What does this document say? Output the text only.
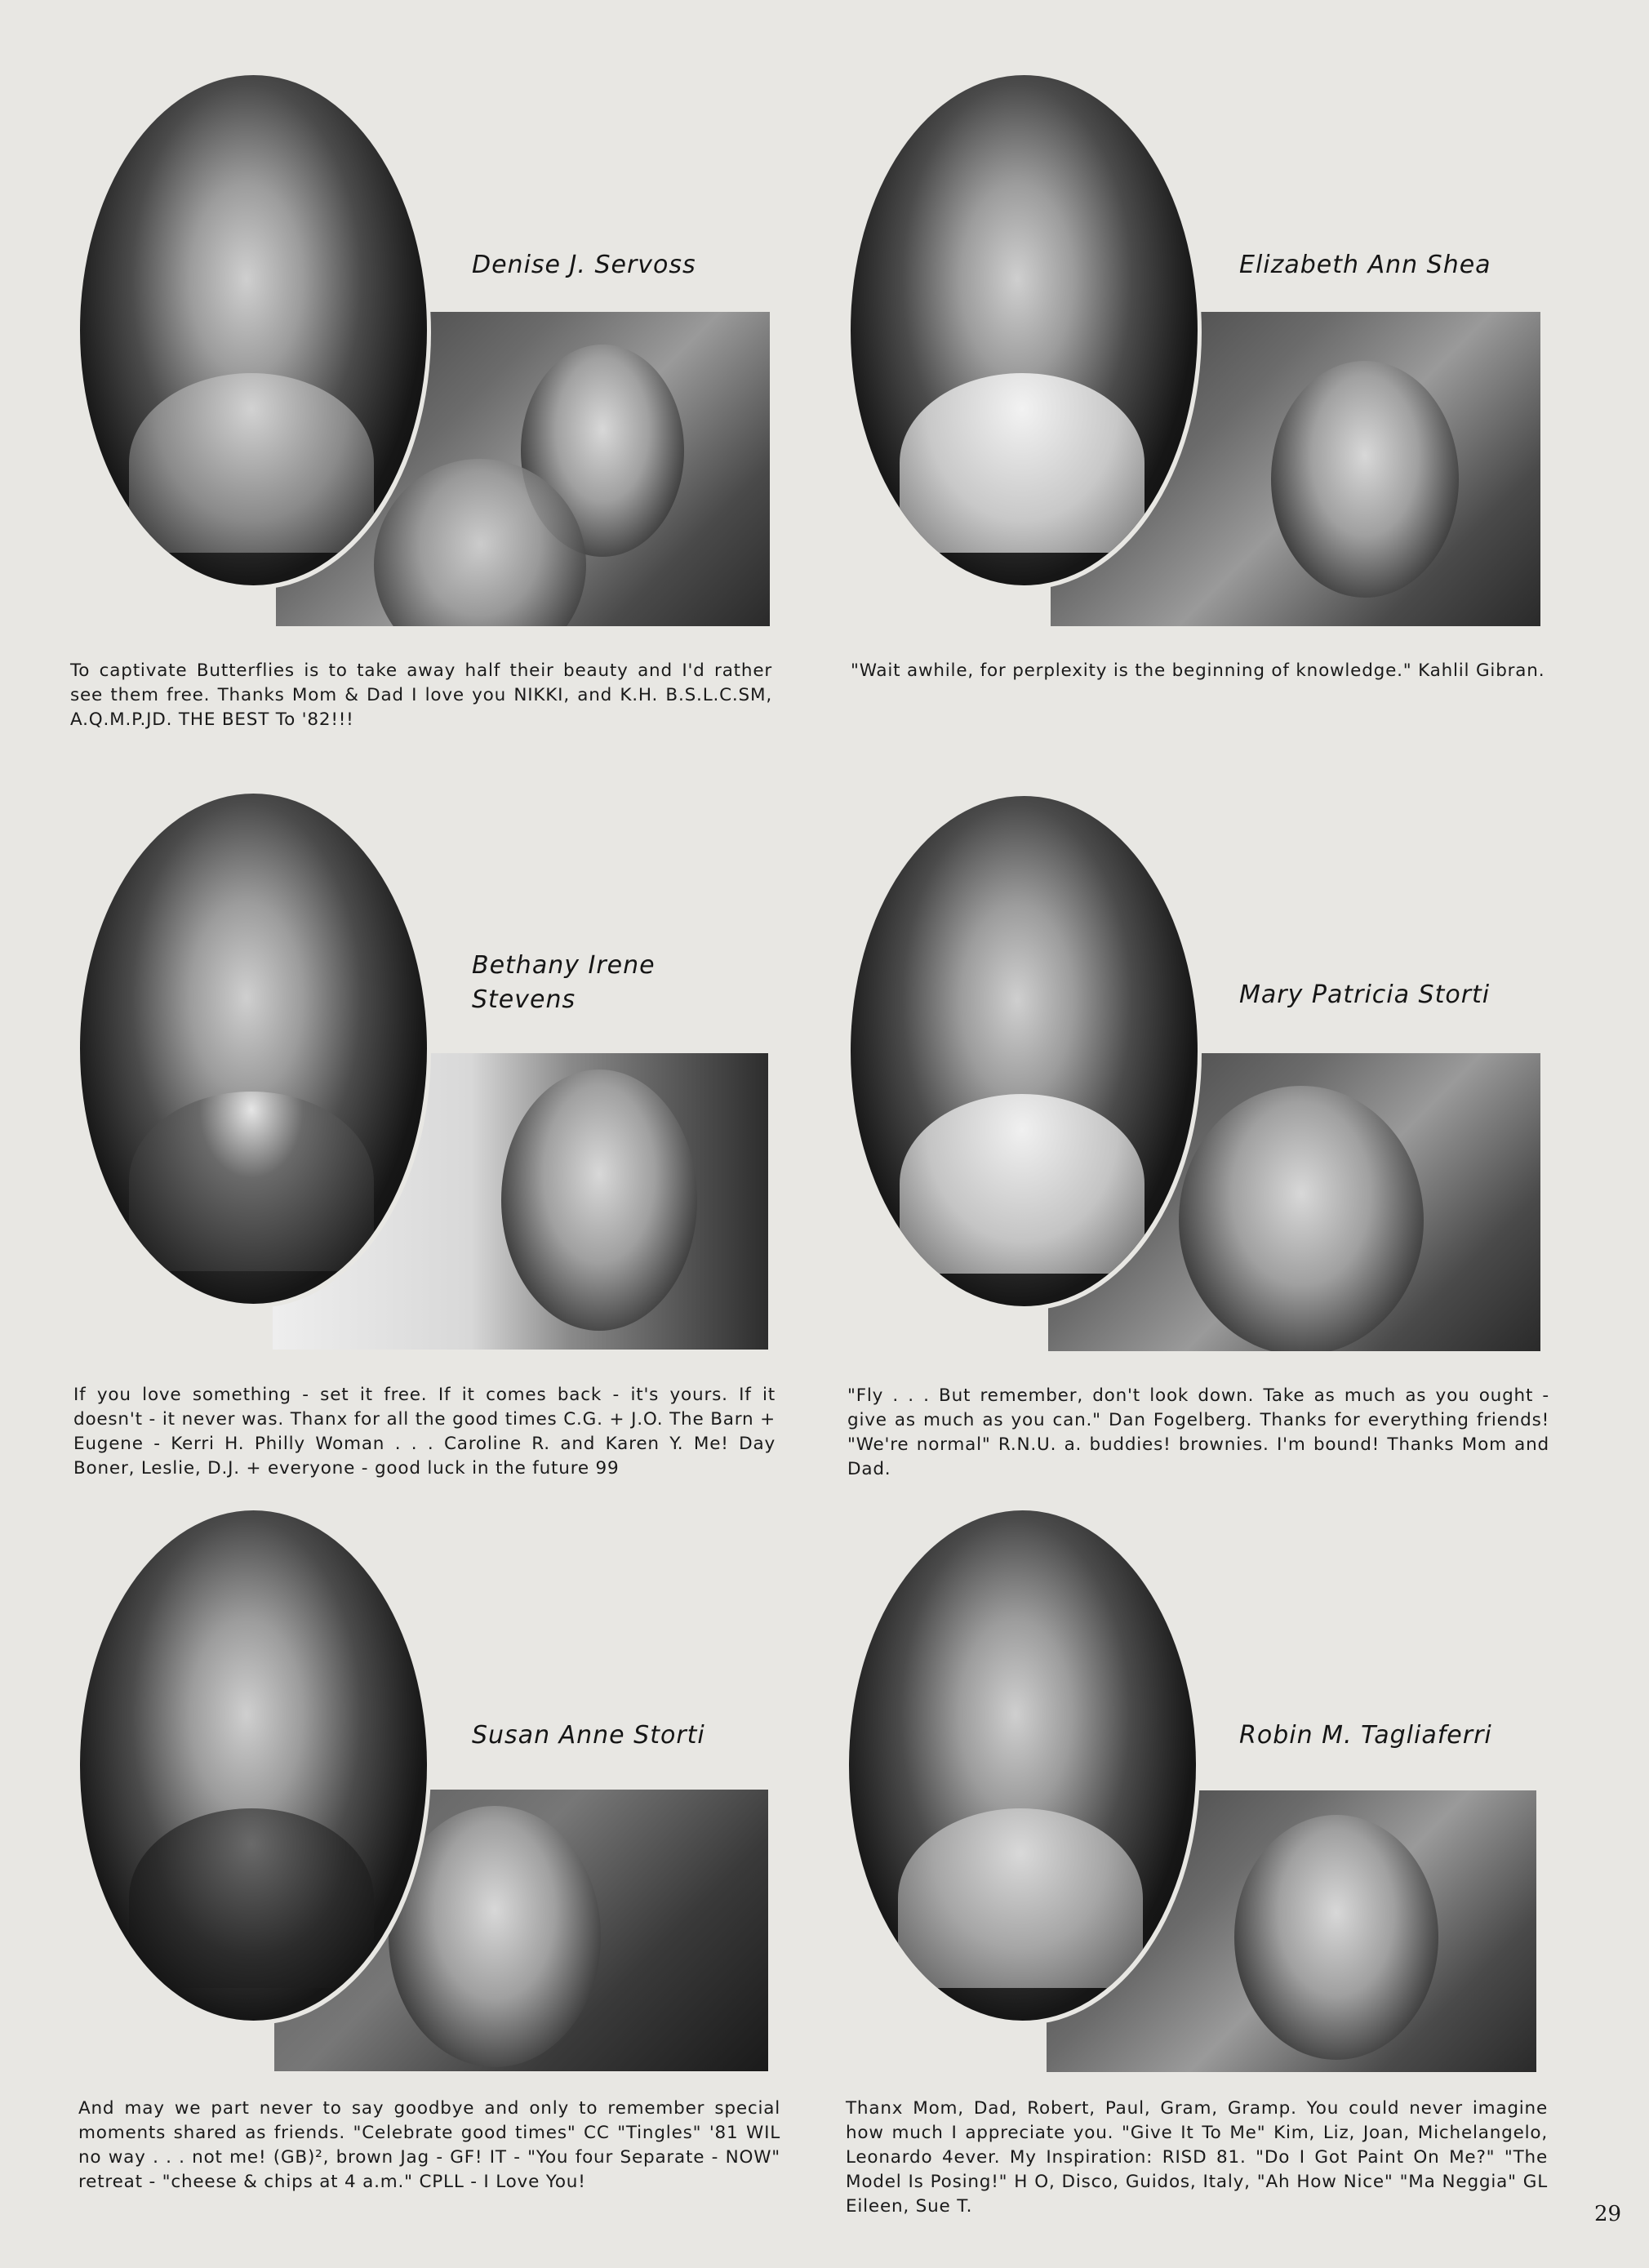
Denise J. Servoss
To captivate Butterflies is to take away half their beauty and I'd rather see them free. Thanks Mom & Dad I love you NIKKI, and K.H. B.S.L.C.SM, A.Q.M.P.JD. THE BEST To '82!!!
Elizabeth Ann Shea
"Wait awhile, for perplexity is the beginning of knowledge." Kahlil Gibran.
Bethany Irene
Stevens
If you love something - set it free. If it comes back - it's yours. If it doesn't - it never was. Thanx for all the good times C.G. + J.O. The Barn + Eugene - Kerri H. Philly Woman . . . Caroline R. and Karen Y. Me! Day Boner, Leslie, D.J. + everyone - good luck in the future 99
Mary Patricia Storti
"Fly . . . But remember, don't look down. Take as much as you ought - give as much as you can." Dan Fogelberg. Thanks for everything friends! "We're normal" R.N.U. a. buddies! brownies. I'm bound! Thanks Mom and Dad.
Susan Anne Storti
And may we part never to say goodbye and only to remember special moments shared as friends. "Celebrate good times" CC "Tingles" '81 WIL no way . . . not me! (GB)², brown Jag - GF! IT - "You four Separate - NOW" retreat - "cheese & chips at 4 a.m." CPLL - I Love You!
Robin M. Tagliaferri
Thanx Mom, Dad, Robert, Paul, Gram, Gramp. You could never imagine how much I appreciate you. "Give It To Me" Kim, Liz, Joan, Michelangelo, Leonardo 4ever. My Inspiration: RISD 81. "Do I Got Paint On Me?" "The Model Is Posing!" H O, Disco, Guidos, Italy, "Ah How Nice" "Ma Neggia" GL Eileen, Sue T.	29
